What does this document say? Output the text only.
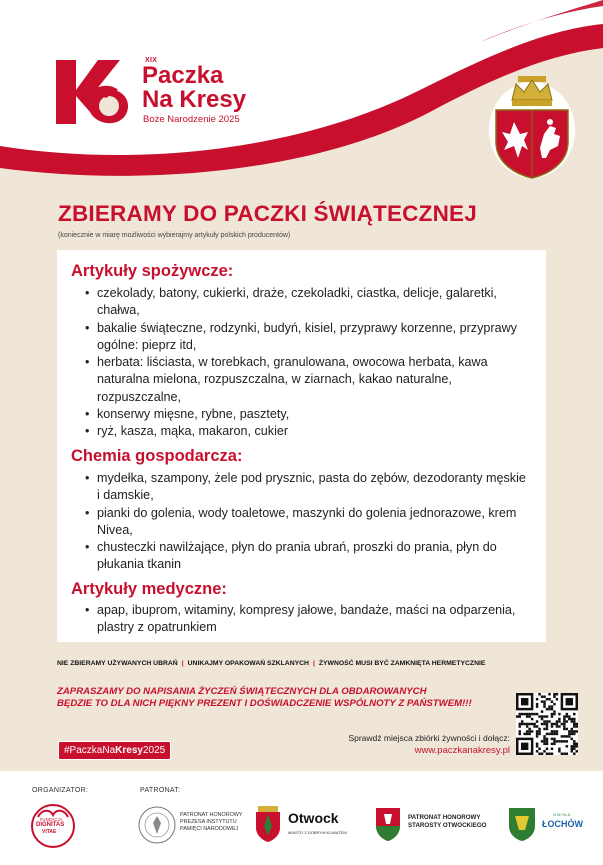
XIX
Paczka
Na Kresy
Boże Narodzenie 2025
ZBIERAMY DO PACZKI ŚWIĄTECZNEJ
(koniecznie w miarę możliwości wybierajmy artykuły polskich producentów)
Artykuły spożywcze:
• czekolady, batony, cukierki, draże, czekoladki, ciastka, delicje, galaretki, chałwa,
• bakalie świąteczne, rodzynki, budyń, kisiel, przyprawy korzenne, przyprawy ogólne: pieprz itd,
• herbata: liściasta, w torebkach, granulowana, owocowa herbata, kawa naturalna mielona, rozpuszczalna, w ziarnach, kakao naturalne, rozpuszczalne,
• konserwy mięsne, rybne, pasztety,
• ryż, kasza, mąka, makaron, cukier
Chemia gospodarcza:
• mydełka, szampony, żele pod prysznic, pasta do zębów, dezodoranty męskie i damskie,
• pianki do golenia, wody toaletowe, maszynki do golenia jednorazowe, krem Nivea,
• chusteczki nawilżające, płyn do prania ubrań, proszki do prania, płyn do płukania tkanin
Artykuły medyczne:
• apap, ibuprom, witaminy, kompresy jałowe, bandaże, maści na odparzenia, plastry z opatrunkiem
NIE ZBIERAMY UŻYWANYCH UBRAŃ | UNIKAJMY OPAKOWAŃ SZKLANYCH | ŻYWNOŚĆ MUSI BYĆ ZAMKNIĘTA HERMETYCZNIE
ZAPRASZAMY DO NAPISANIA ŻYCZEŃ ŚWIĄTECZNYCH DLA OBDAROWANYCH
BĘDZIE TO DLA NICH PIĘKNY PREZENT I DOŚWIADCZENIE WSPÓLNOTY Z PAŃSTWEM!!!
#PaczkaNaKresy2025
Sprawdź miejsca zbiórki żywności i dołącz:
www.paczkanakresy.pl
ORGANIZATOR:	PATRONAT:
FUNDACJA
DIGNITAS
VITAE
PATRONAT HONOROWY
PREZESA INSTYTUTU
PAMIĘCI NARODOWEJ
Otwock
MIASTO Z DOBRYM KLIMATEM
PATRONAT HONOROWY
STAROSTY OTWOCKIEGO
GMINA
ŁOCHÓW
